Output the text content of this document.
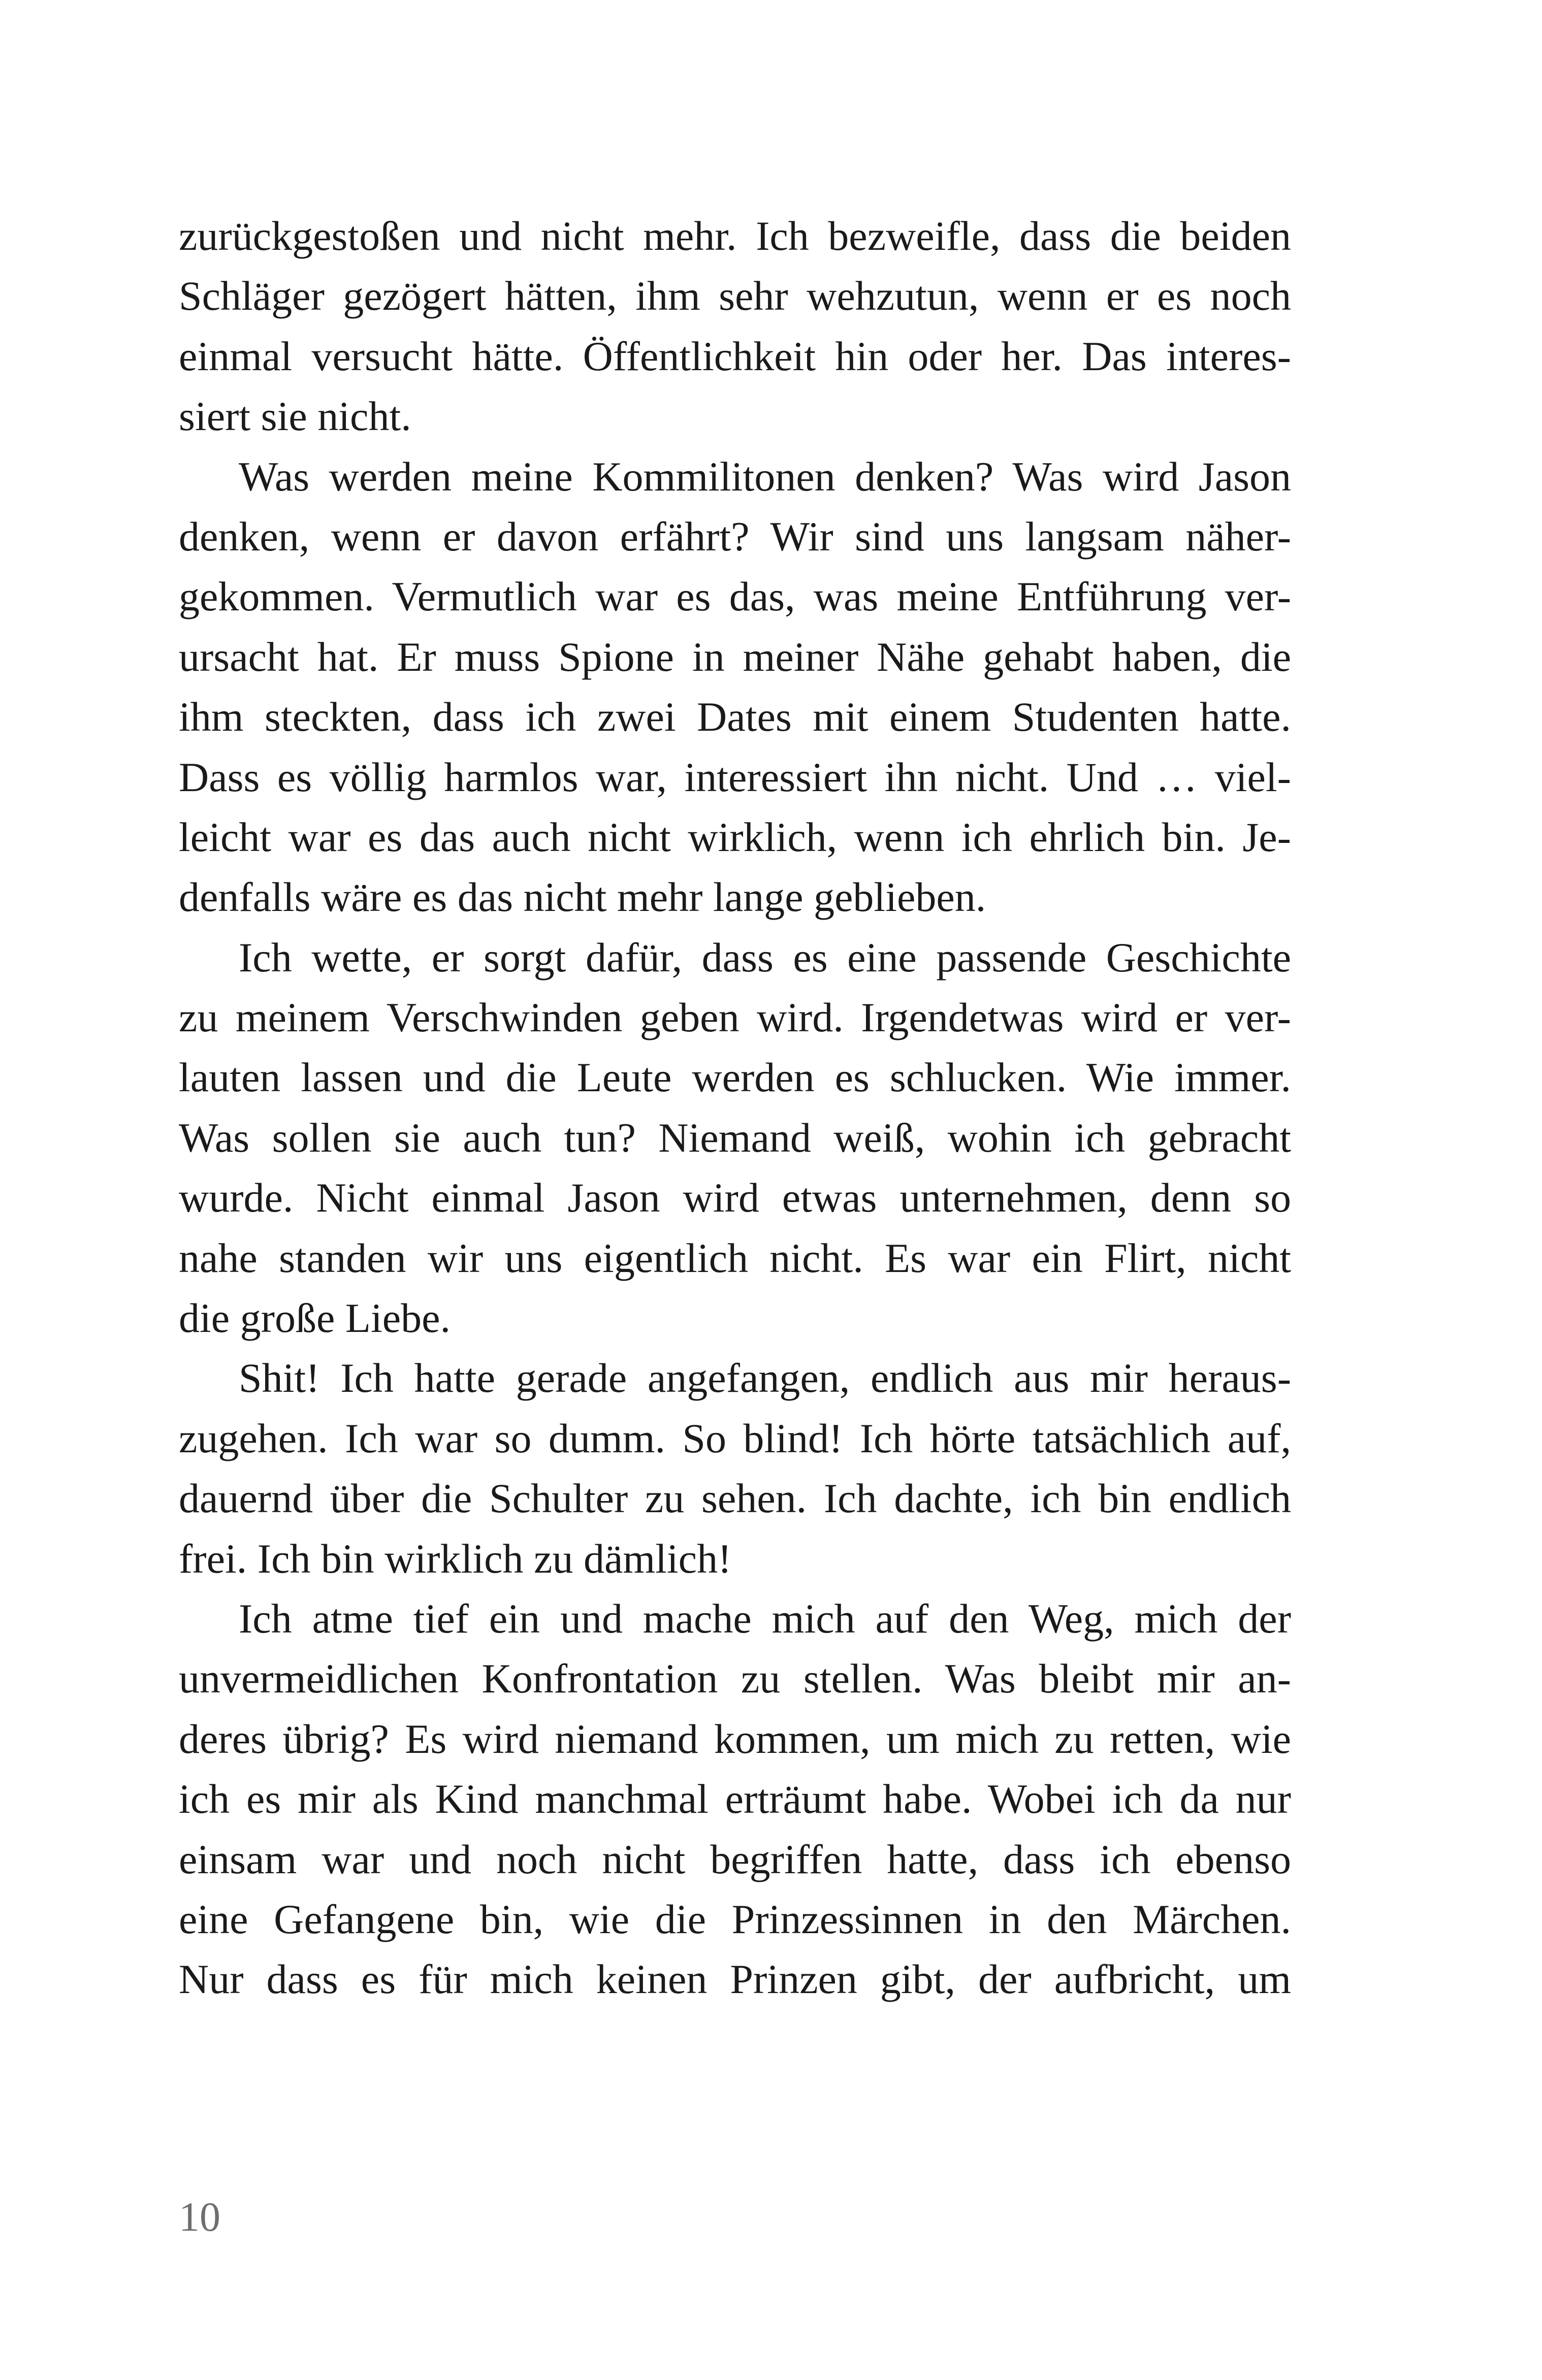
zurückgestoßen und nicht mehr. Ich bezweifle, dass die beiden
Schläger gezögert hätten, ihm sehr wehzutun, wenn er es noch
einmal versucht hätte. Öffentlichkeit hin oder her. Das interes-
siert sie nicht.
Was werden meine Kommilitonen denken? Was wird Jason
denken, wenn er davon erfährt? Wir sind uns langsam näher-
gekommen. Vermutlich war es das, was meine Entführung ver-
ursacht hat. Er muss Spione in meiner Nähe gehabt haben, die
ihm steckten, dass ich zwei Dates mit einem Studenten hatte.
Dass es völlig harmlos war, interessiert ihn nicht. Und … viel-
leicht war es das auch nicht wirklich, wenn ich ehrlich bin. Je-
denfalls wäre es das nicht mehr lange geblieben.
Ich wette, er sorgt dafür, dass es eine passende Geschichte
zu meinem Verschwinden geben wird. Irgendetwas wird er ver-
lauten lassen und die Leute werden es schlucken. Wie immer.
Was sollen sie auch tun? Niemand weiß, wohin ich gebracht
wurde. Nicht einmal Jason wird etwas unternehmen, denn so
nahe standen wir uns eigentlich nicht. Es war ein Flirt, nicht
die große Liebe.
Shit! Ich hatte gerade angefangen, endlich aus mir heraus-
zugehen. Ich war so dumm. So blind! Ich hörte tatsächlich auf,
dauernd über die Schulter zu sehen. Ich dachte, ich bin endlich
frei. Ich bin wirklich zu dämlich!
Ich atme tief ein und mache mich auf den Weg, mich der
unvermeidlichen Konfrontation zu stellen. Was bleibt mir an-
deres übrig? Es wird niemand kommen, um mich zu retten, wie
ich es mir als Kind manchmal erträumt habe. Wobei ich da nur
einsam war und noch nicht begriffen hatte, dass ich ebenso
eine Gefangene bin, wie die Prinzessinnen in den Märchen.
Nur dass es für mich keinen Prinzen gibt, der aufbricht, um
10
